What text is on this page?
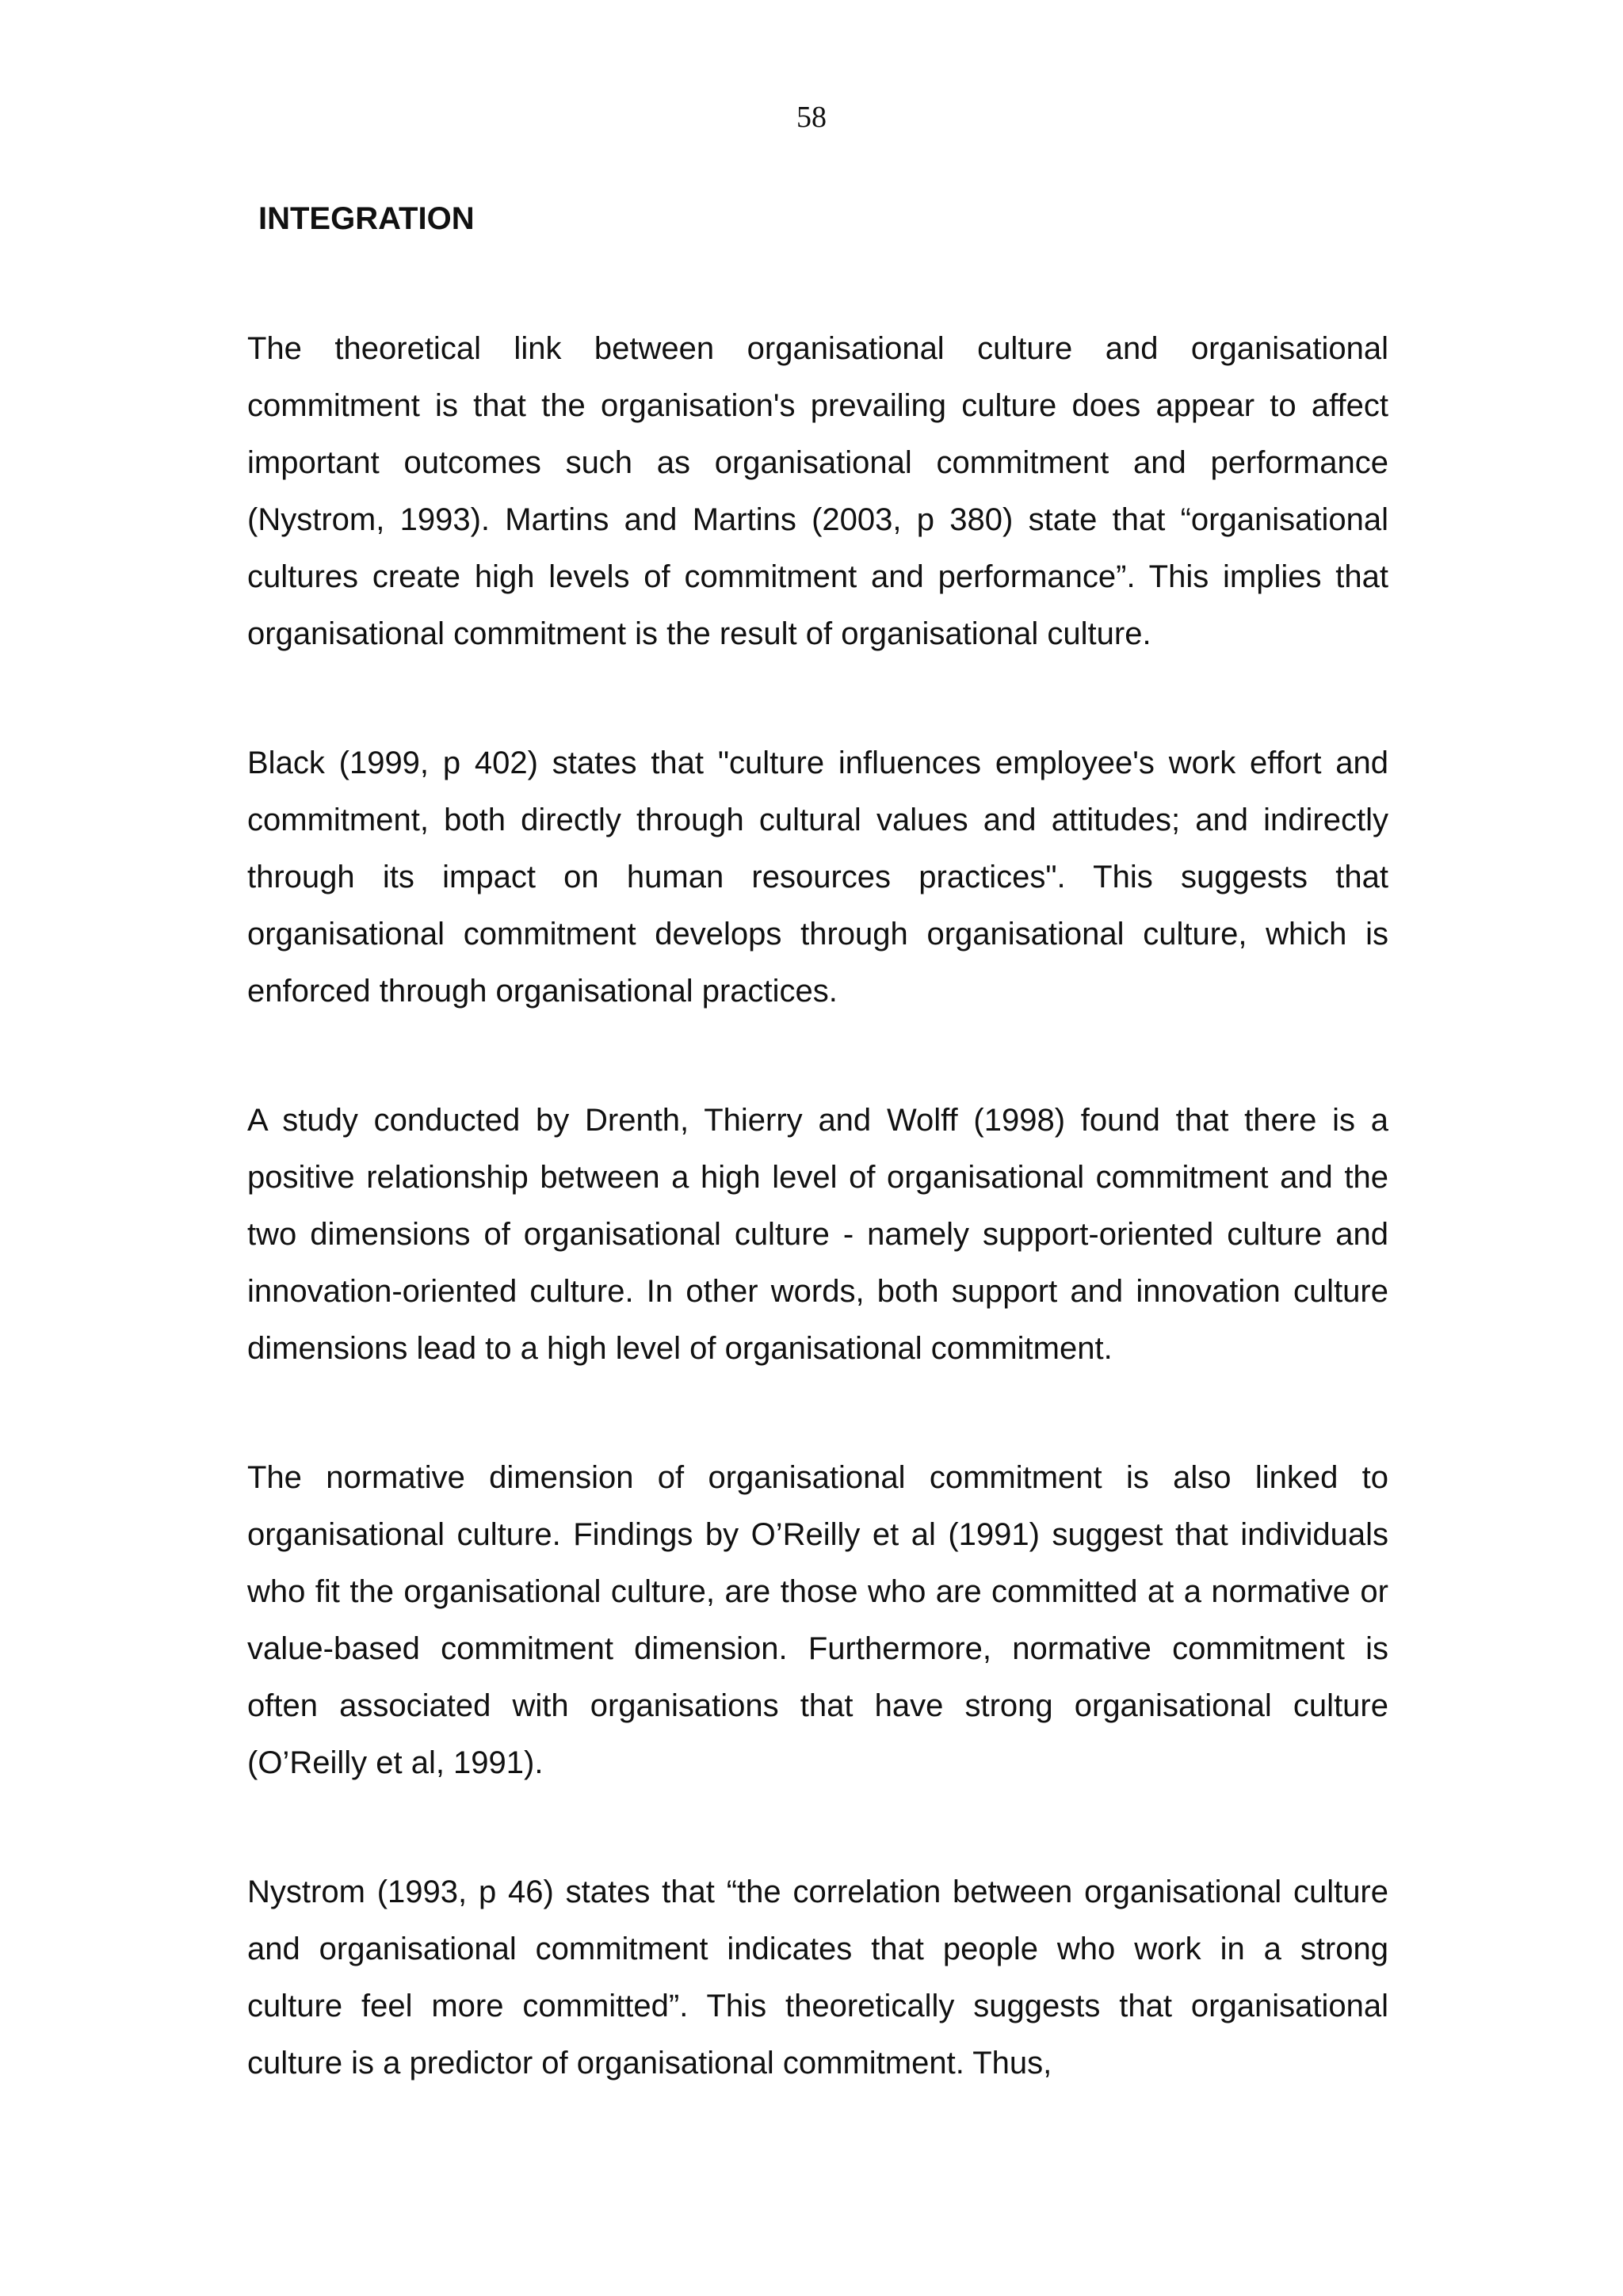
58
INTEGRATION

The theoretical link between organisational culture and organisational commitment is that the organisation's prevailing culture does appear to affect important outcomes such as organisational commitment and performance (Nystrom, 1993). Martins and Martins (2003, p 380) state that “organisational cultures create high levels of commitment and performance”. This implies that organisational commitment is the result of organisational culture.

Black (1999, p 402) states that "culture influences employee's work effort and commitment, both directly through cultural values and attitudes; and indirectly through its impact on human resources practices". This suggests that organisational commitment develops through organisational culture, which is enforced through organisational practices.

A study conducted by Drenth, Thierry and Wolff (1998) found that there is a positive relationship between a high level of organisational commitment and the two dimensions of organisational culture - namely support-oriented culture and innovation-oriented culture. In other words, both support and innovation culture dimensions lead to a high level of organisational commitment.

The normative dimension of organisational commitment is also linked to organisational culture. Findings by O’Reilly et al (1991) suggest that individuals who fit the organisational culture, are those who are committed at a normative or value-based commitment dimension. Furthermore, normative commitment is often associated with organisations that have strong organisational culture (O’Reilly et al, 1991).

Nystrom (1993, p 46) states that “the correlation between organisational culture and organisational commitment indicates that people who work in a strong culture feel more committed”. This theoretically suggests that organisational culture is a predictor of organisational commitment. Thus,
